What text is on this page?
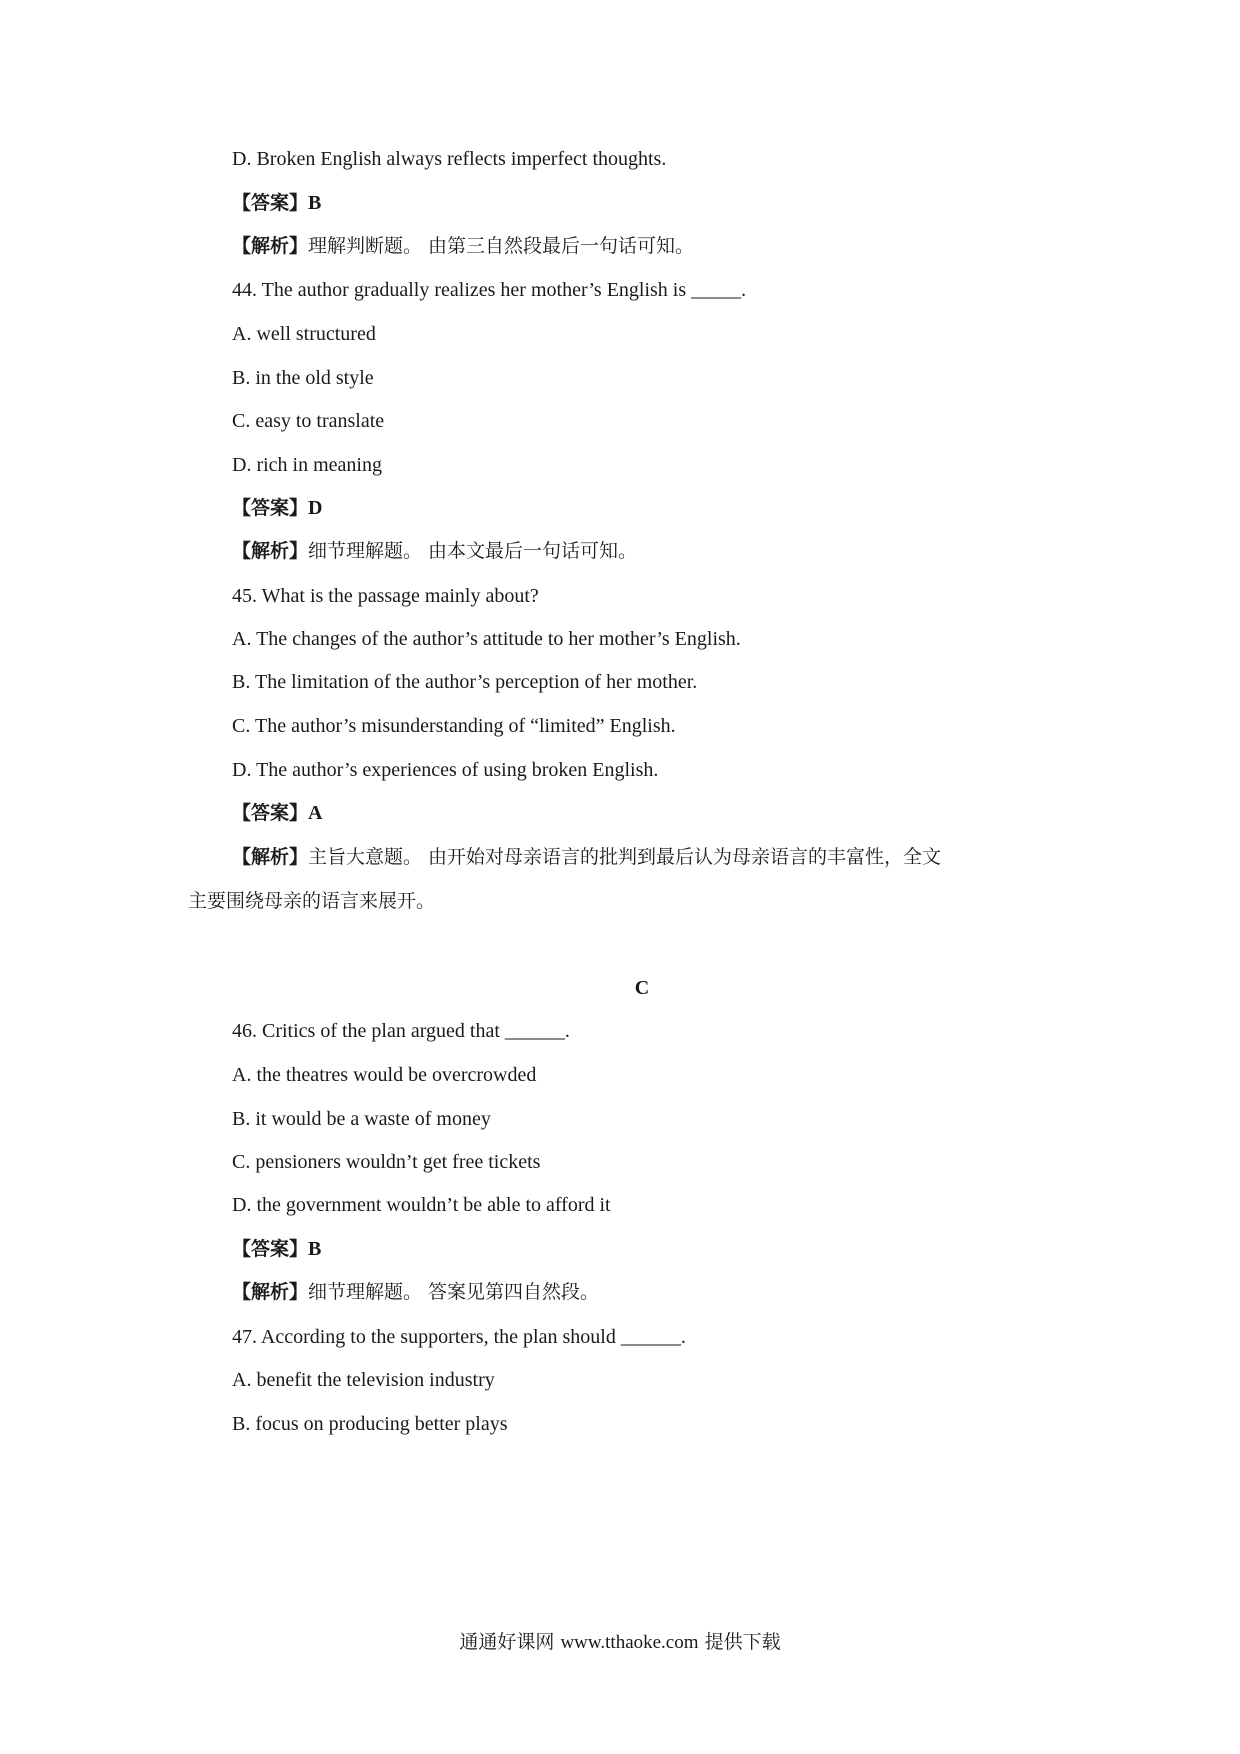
D. Broken English always reflects imperfect thoughts.
【答案】B
【解析】理解判断题。 由第三自然段最后一句话可知。
44. The author gradually realizes her mother’s English is _____.
A. well structured
B. in the old style
C. easy to translate
D. rich in meaning
【答案】D
【解析】细节理解题。 由本文最后一句话可知。
45. What is the passage mainly about?
A. The changes of the author’s attitude to her mother’s English.
B. The limitation of the author’s perception of her mother.
C. The author’s misunderstanding of “limited” English.
D. The author’s experiences of using broken English.
【答案】A
【解析】主旨大意题。 由开始对母亲语言的批判到最后认为母亲语言的丰富性，全文
主要围绕母亲的语言来展开。
C
46. Critics of the plan argued that ______.
A. the theatres would be overcrowded
B. it would be a waste of money
C. pensioners wouldn’t get free tickets
D. the government wouldn’t be able to afford it
【答案】B
【解析】细节理解题。 答案见第四自然段。
47. According to the supporters, the plan should ______.
A. benefit the television industry
B. focus on producing better plays
通通好课网 www.tthaoke.com 提供下载
